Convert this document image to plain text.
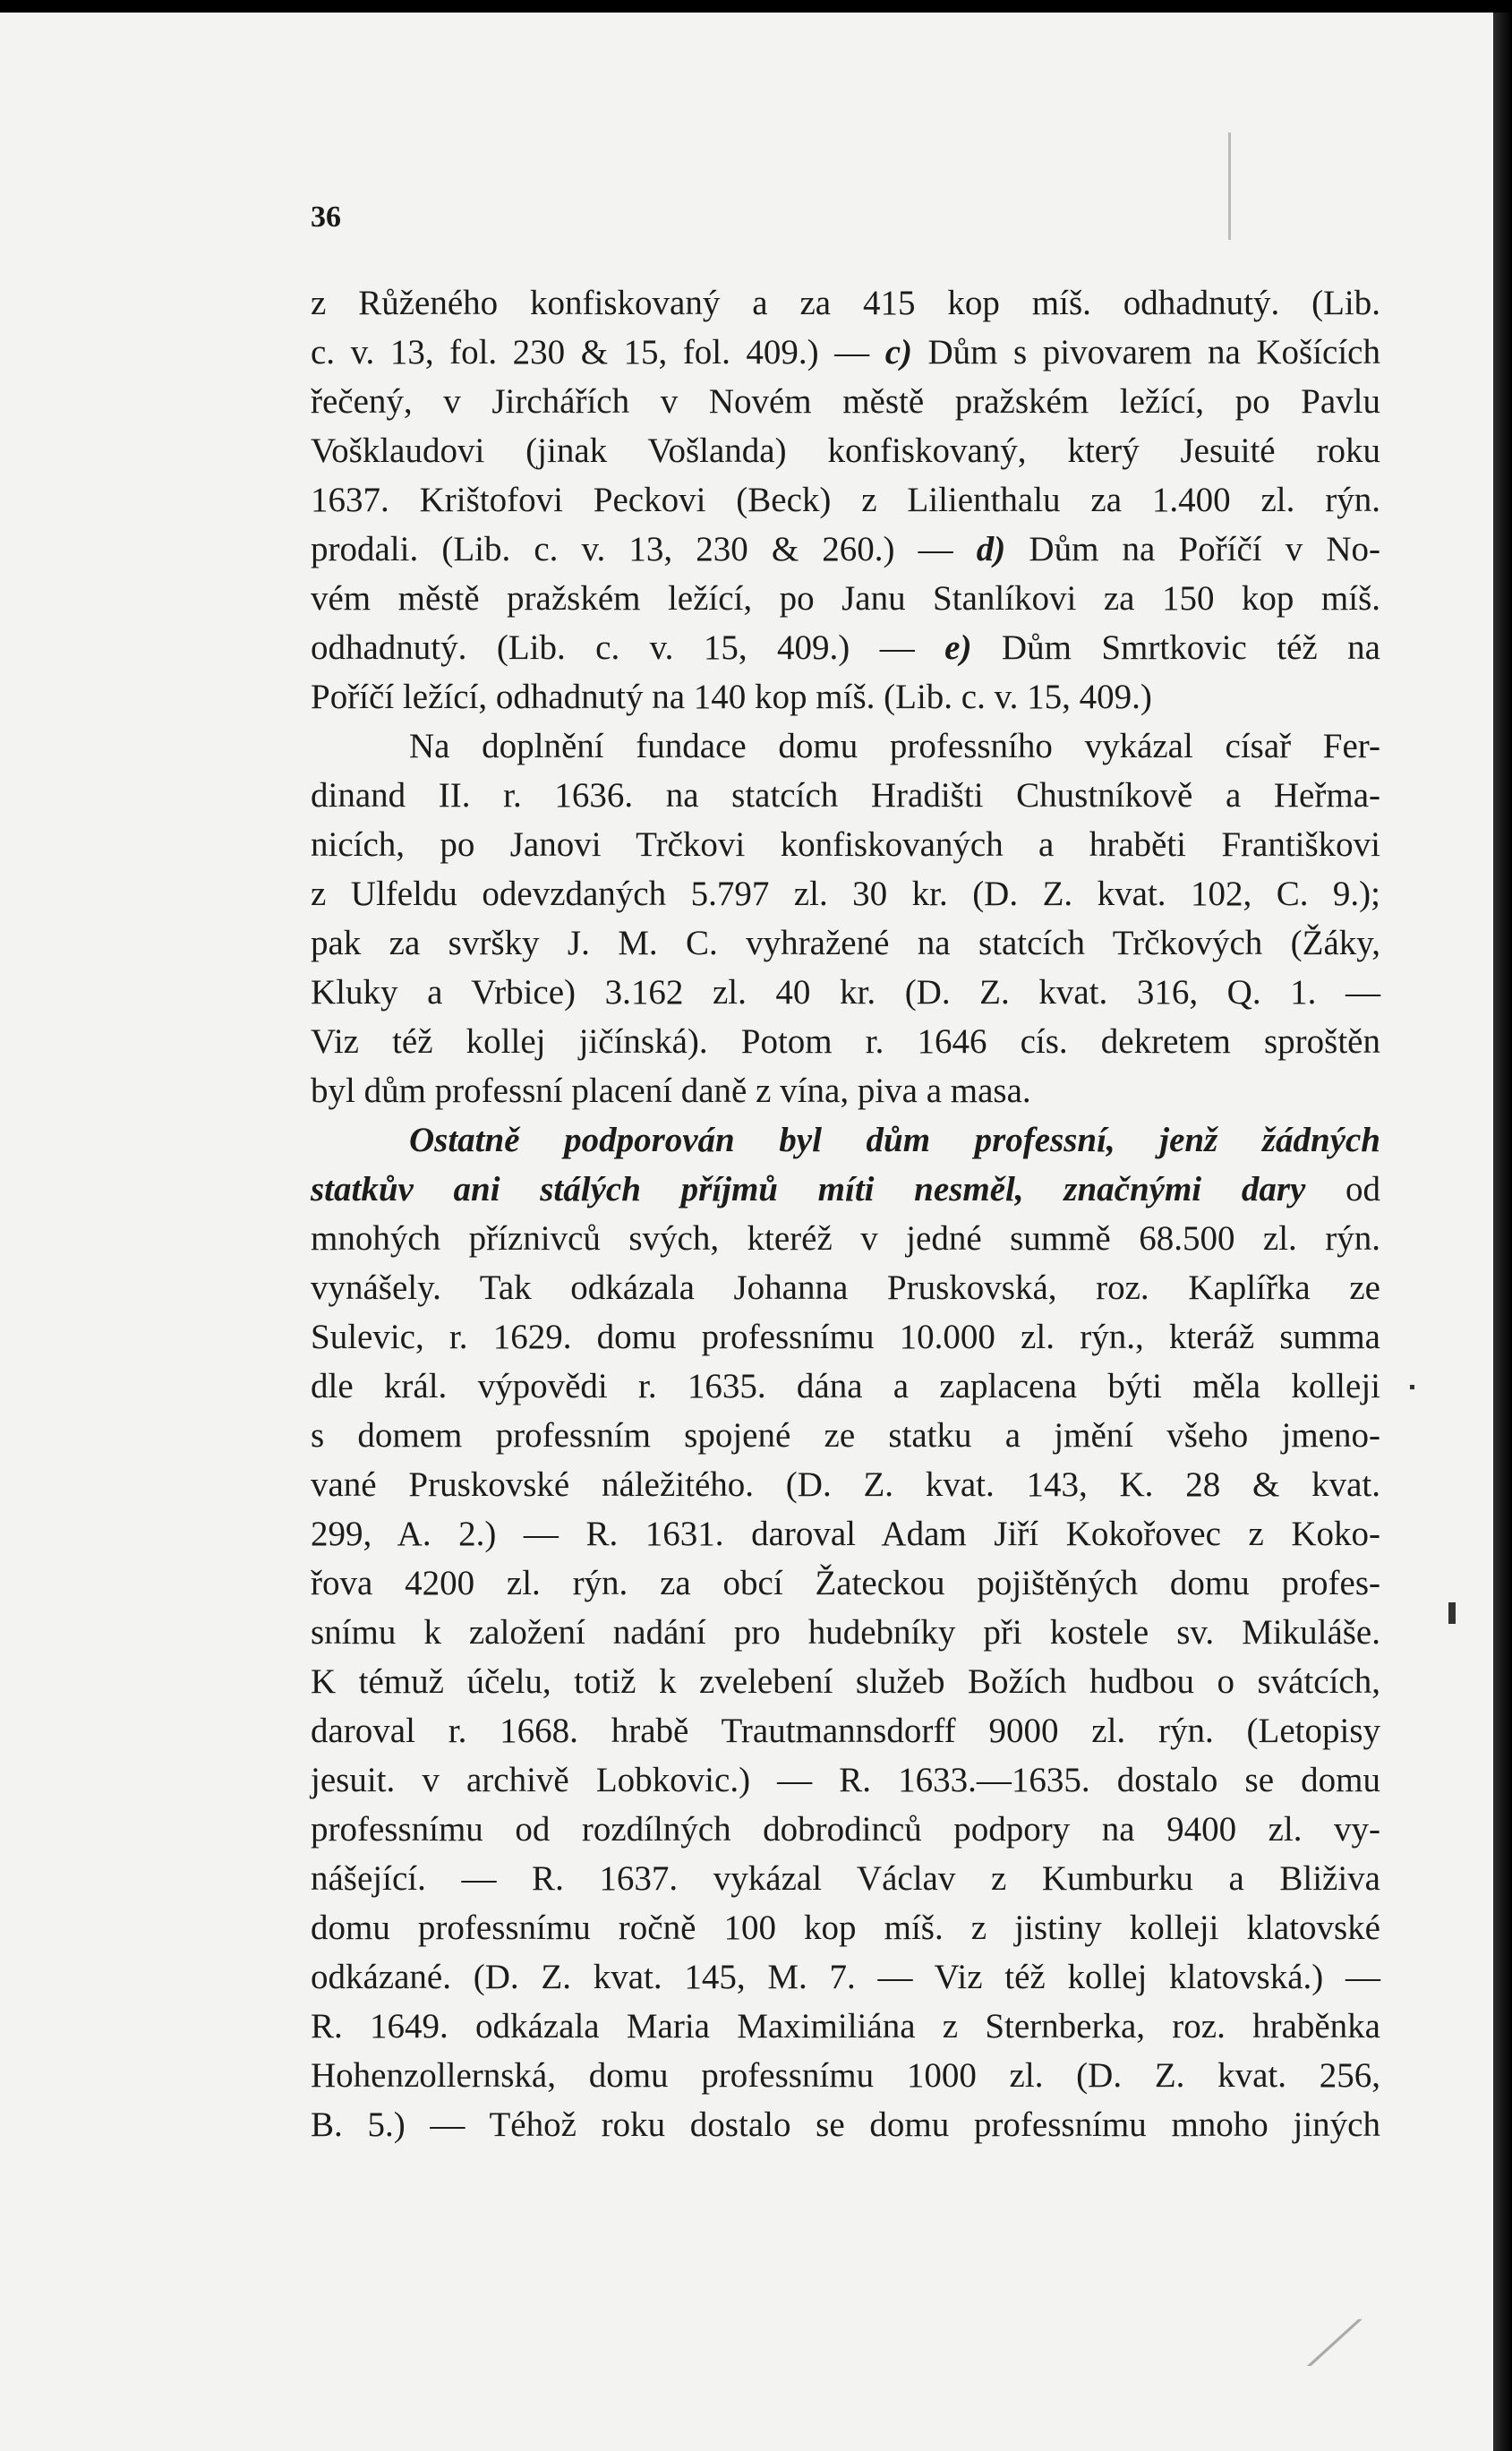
⟋
36
z Růženého konfiskovaný a za 415 kop míš. odhadnutý. (Lib.
c. v. 13, fol. 230 & 15, fol. 409.) — c) Dům s pivovarem na Košících
řečený, v Jirchářích v Novém městě pražském ležící, po Pavlu
Vošklaudovi (jinak Vošlanda) konfiskovaný, který Jesuité roku
1637. Krištofovi Peckovi (Beck) z Lilienthalu za 1.400 zl. rýn.
prodali. (Lib. c. v. 13, 230 & 260.) — d) Dům na Poříčí v No-
vém městě pražském ležící, po Janu Stanlíkovi za 150 kop míš.
odhadnutý. (Lib. c. v. 15, 409.) — e) Dům Smrtkovic též na
Poříčí ležící, odhadnutý na 140 kop míš. (Lib. c. v. 15, 409.)
Na doplnění fundace domu professního vykázal císař Fer-
dinand II. r. 1636. na statcích Hradišti Chustníkově a Heřma-
nicích, po Janovi Trčkovi konfiskovaných a hraběti Františkovi
z Ulfeldu odevzdaných 5.797 zl. 30 kr. (D. Z. kvat. 102, C. 9.);
pak za svršky J. M. C. vyhražené na statcích Trčkových (Žáky,
Kluky a Vrbice) 3.162 zl. 40 kr. (D. Z. kvat. 316, Q. 1. —
Viz též kollej jičínská). Potom r. 1646 cís. dekretem sproštěn
byl dům professní placení daně z vína, piva a masa.
Ostatně podporován byl dům professní, jenž žádných
statkův ani stálých příjmů míti nesměl, značnými dary od
mnohých příznivců svých, kteréž v jedné summě 68.500 zl. rýn.
vynášely. Tak odkázala Johanna Pruskovská, roz. Kaplířka ze
Sulevic, r. 1629. domu professnímu 10.000 zl. rýn., kteráž summa
dle král. výpovědi r. 1635. dána a zaplacena býti měla kolleji
s domem professním spojené ze statku a jmění všeho jmeno-
vané Pruskovské náležitého. (D. Z. kvat. 143, K. 28 & kvat.
299, A. 2.) — R. 1631. daroval Adam Jiří Kokořovec z Koko-
řova 4200 zl. rýn. za obcí Žateckou pojištěných domu profes-
snímu k založení nadání pro hudebníky při kostele sv. Mikuláše.
K témuž účelu, totiž k zvelebení služeb Božích hudbou o svátcích,
daroval r. 1668. hrabě Trautmannsdorff 9000 zl. rýn. (Letopisy
jesuit. v archivě Lobkovic.) — R. 1633.—1635. dostalo se domu
professnímu od rozdílných dobrodinců podpory na 9400 zl. vy-
nášející. — R. 1637. vykázal Václav z Kumburku a Bliživa
domu professnímu ročně 100 kop míš. z jistiny kolleji klatovské
odkázané. (D. Z. kvat. 145, M. 7. — Viz též kollej klatovská.) —
R. 1649. odkázala Maria Maximiliána z Sternberka, roz. hraběnka
Hohenzollernská, domu professnímu 1000 zl. (D. Z. kvat. 256,
B. 5.) — Téhož roku dostalo se domu professnímu mnoho jiných
